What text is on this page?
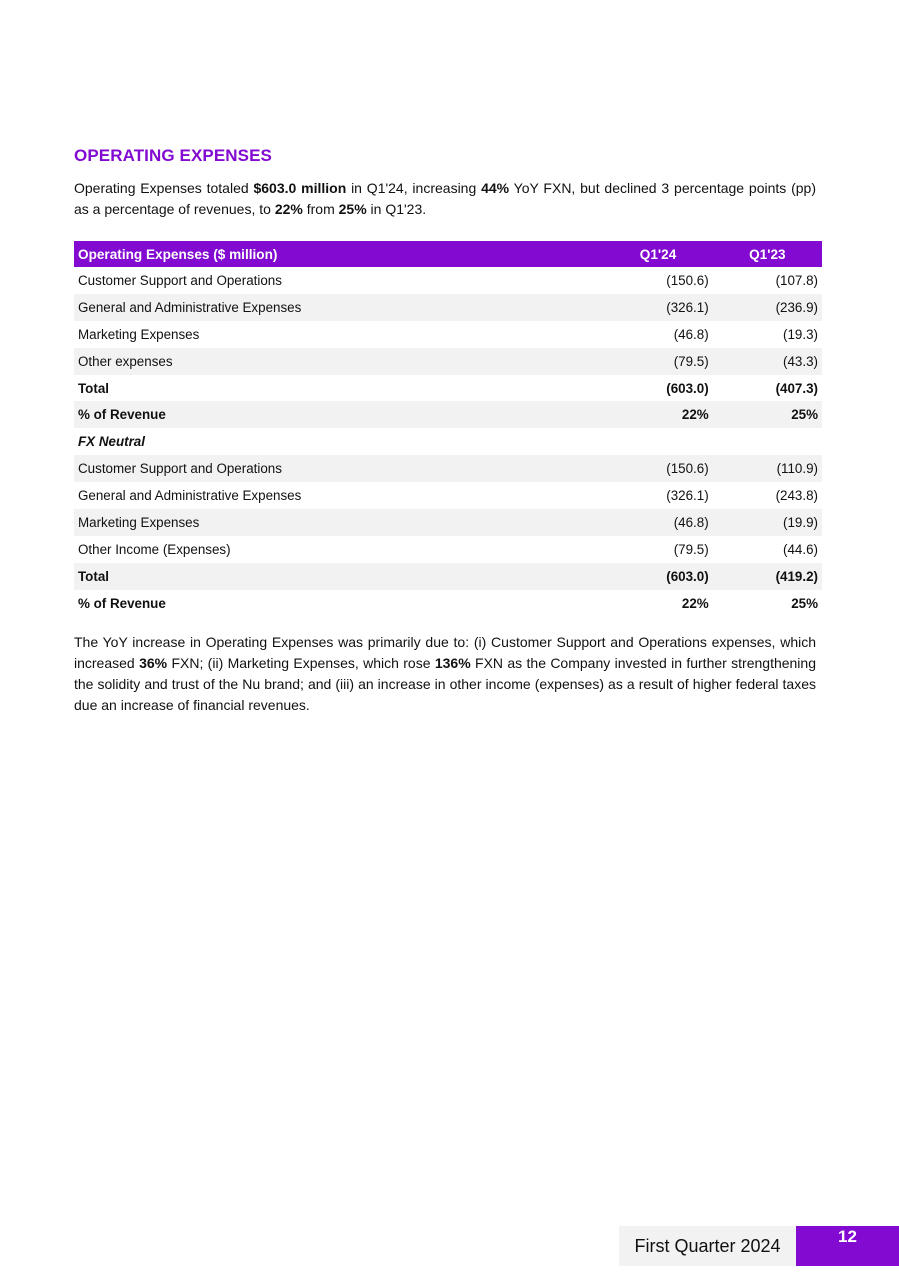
OPERATING EXPENSES

Operating Expenses totaled $603.0 million in Q1'24, increasing 44% YoY FXN, but declined 3 percentage points (pp) as a percentage of revenues, to 22% from 25% in Q1'23.

Operating Expenses ($ million)	Q1'24	Q1'23
Customer Support and Operations	(150.6)	(107.8)
General and Administrative Expenses	(326.1)	(236.9)
Marketing Expenses	(46.8)	(19.3)
Other expenses	(79.5)	(43.3)
Total	(603.0)	(407.3)
% of Revenue	22%	25%
FX Neutral		
Customer Support and Operations	(150.6)	(110.9)
General and Administrative Expenses	(326.1)	(243.8)
Marketing Expenses	(46.8)	(19.9)
Other Income (Expenses)	(79.5)	(44.6)
Total	(603.0)	(419.2)
% of Revenue	22%	25%

The YoY increase in Operating Expenses was primarily due to: (i) Customer Support and Operations expenses, which increased 36% FXN; (ii) Marketing Expenses, which rose 136% FXN as the Company invested in further strengthening the solidity and trust of the Nu brand; and (iii) an increase in other income (expenses) as a result of higher federal taxes due an increase of financial revenues.

First Quarter 2024	12
